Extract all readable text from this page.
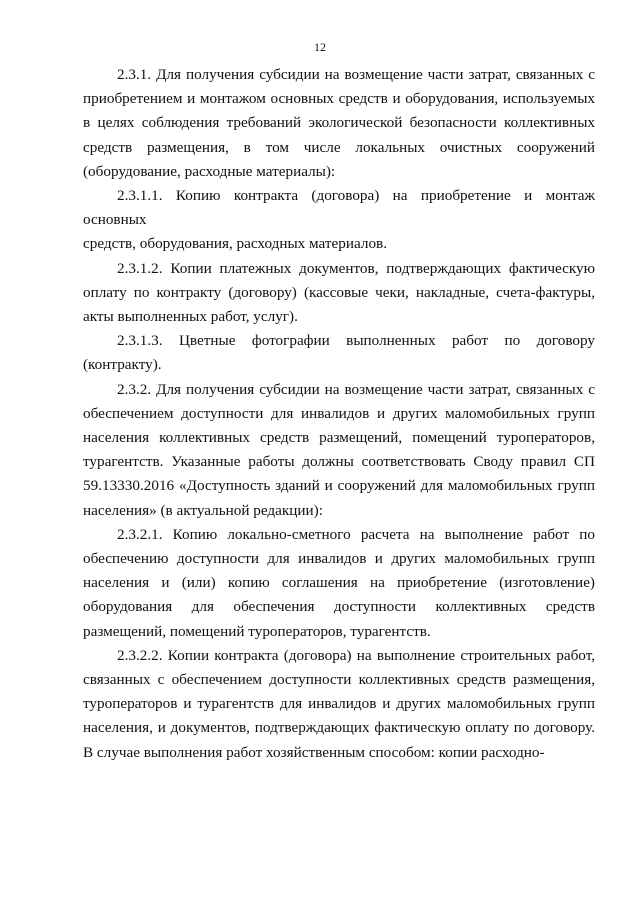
12
2.3.1. Для получения субсидии на возмещение части затрат, связанных с
приобретением и монтажом основных средств и оборудования, используемых
в целях соблюдения требований экологической безопасности коллективных
средств размещения, в том числе локальных очистных сооружений
(оборудование, расходные материалы):
2.3.1.1. Копию контракта (договора) на приобретение и монтаж основных
средств, оборудования, расходных материалов.
2.3.1.2. Копии платежных документов, подтверждающих фактическую
оплату по контракту (договору) (кассовые чеки, накладные, счета-фактуры,
акты выполненных работ, услуг).
2.3.1.3. Цветные фотографии выполненных работ по договору
(контракту).
2.3.2. Для получения субсидии на возмещение части затрат, связанных с
обеспечением доступности для инвалидов и других маломобильных групп
населения коллективных средств размещений, помещений туроператоров,
турагентств. Указанные работы должны соответствовать Своду правил СП
59.13330.2016 «Доступность зданий и сооружений для маломобильных групп
населения» (в актуальной редакции):
2.3.2.1. Копию локально-сметного расчета на выполнение работ по
обеспечению доступности для инвалидов и других маломобильных групп
населения и (или) копию соглашения на приобретение (изготовление)
оборудования для обеспечения доступности коллективных средств
размещений, помещений туроператоров, турагентств.
2.3.2.2. Копии контракта (договора) на выполнение строительных работ,
связанных с обеспечением доступности коллективных средств размещения,
туроператоров и турагентств для инвалидов и других маломобильных групп
населения, и документов, подтверждающих фактическую оплату по договору.
В случае выполнения работ хозяйственным способом: копии расходно-
